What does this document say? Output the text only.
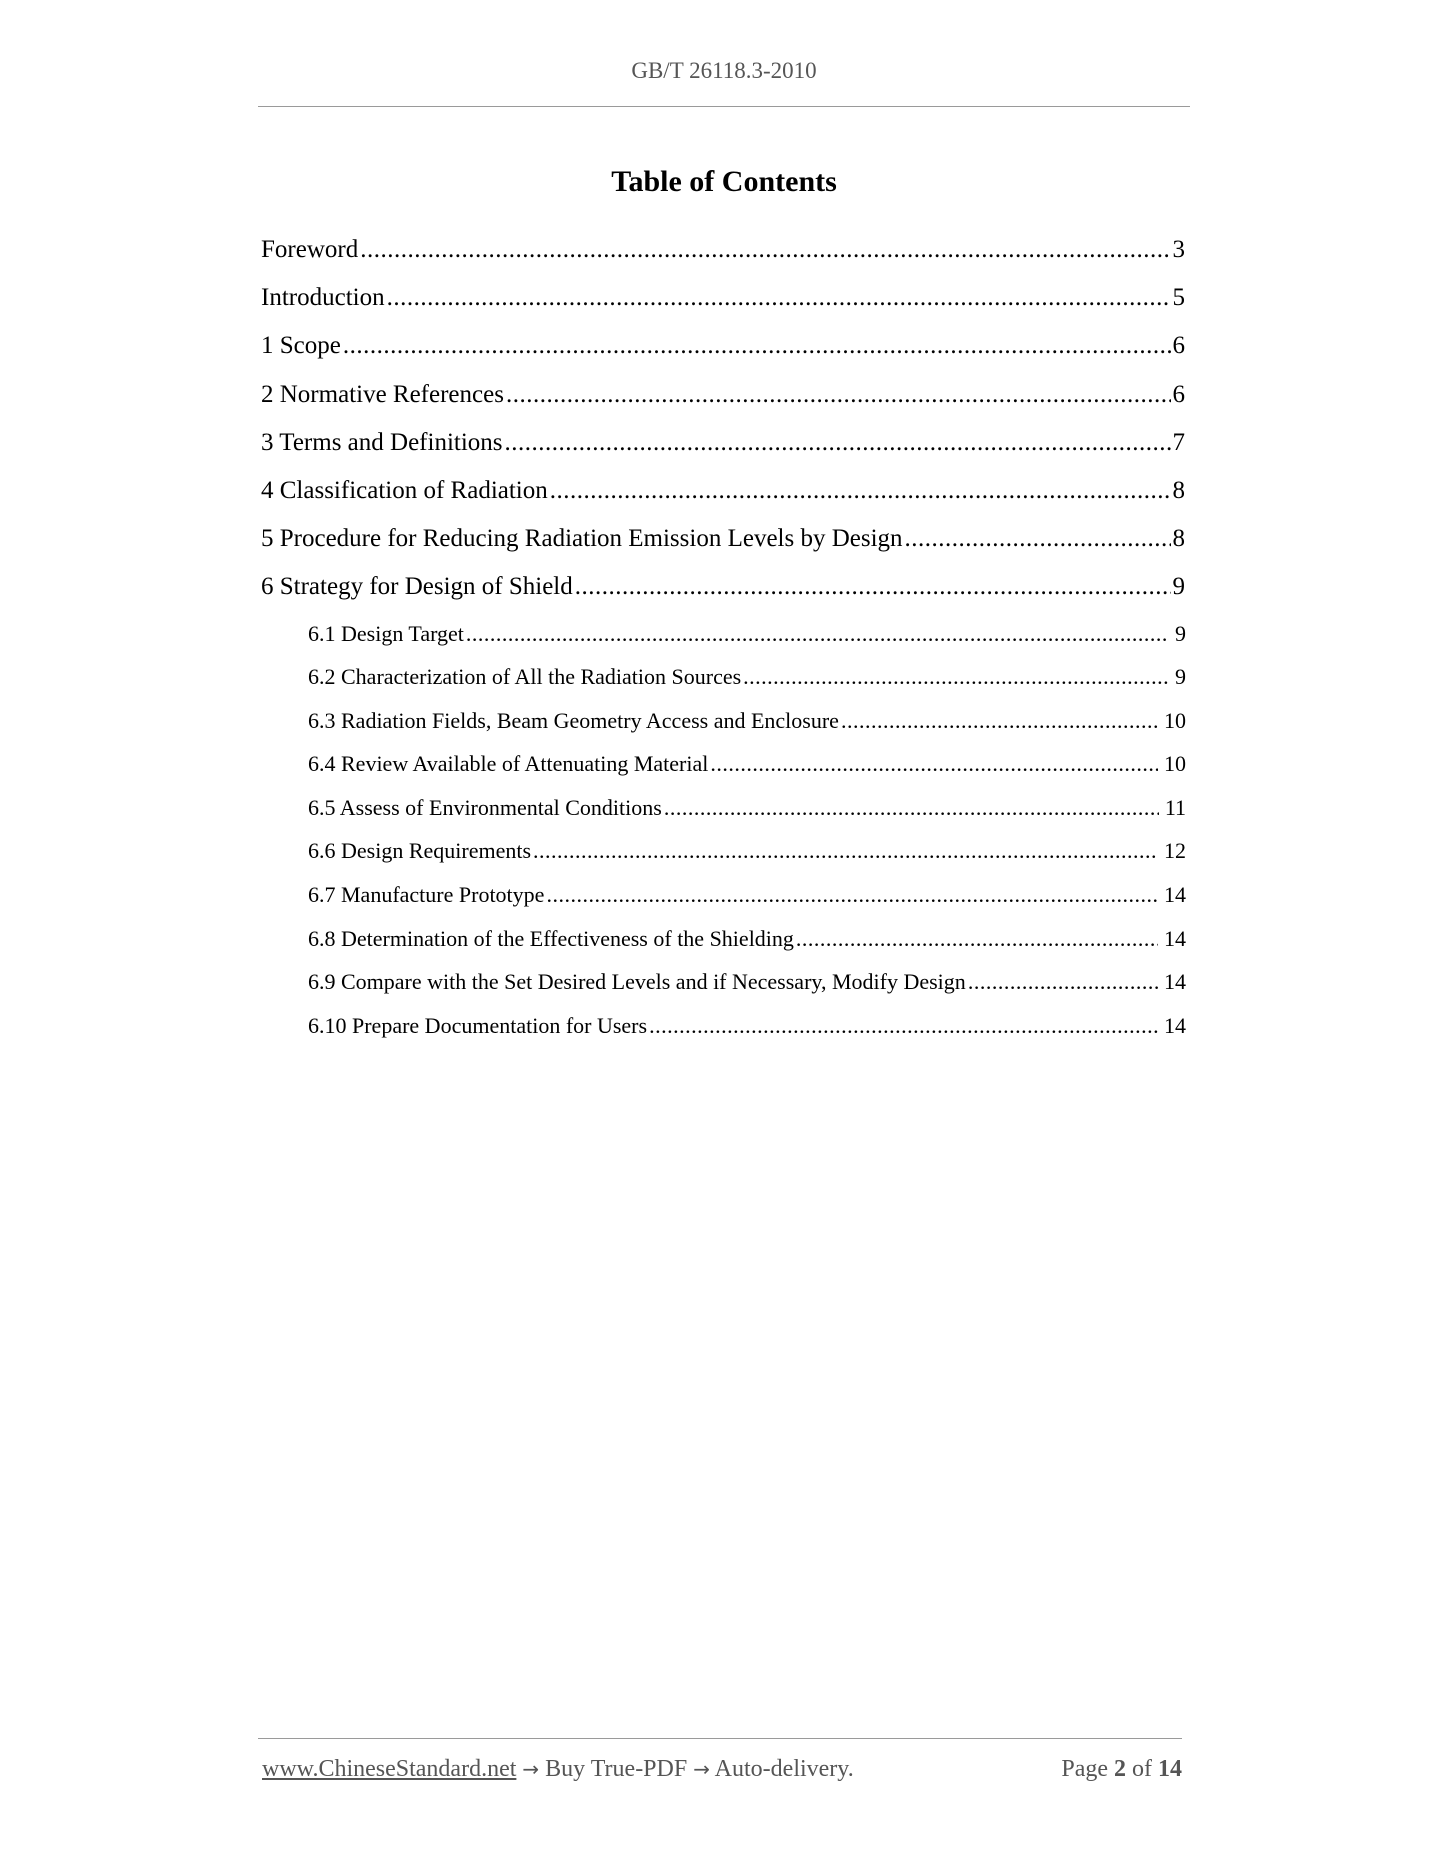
GB/T 26118.3-2010
Table of Contents
Foreword .....	3
Introduction .....	5
1 Scope .....	6
2 Normative References .....	6
3 Terms and Definitions .....	7
4 Classification of Radiation .....	8
5 Procedure for Reducing Radiation Emission Levels by Design .....	8
6 Strategy for Design of Shield .....	9
6.1 Design Target .....	9
6.2 Characterization of All the Radiation Sources .....	9
6.3 Radiation Fields, Beam Geometry Access and Enclosure .....	10
6.4 Review Available of Attenuating Material .....	10
6.5 Assess of Environmental Conditions .....	11
6.6 Design Requirements .....	12
6.7 Manufacture Prototype .....	14
6.8 Determination of the Effectiveness of the Shielding .....	14
6.9 Compare with the Set Desired Levels and if Necessary, Modify Design .....	14
6.10 Prepare Documentation for Users .....	14
www.ChineseStandard.net → Buy True-PDF → Auto-delivery.	Page 2 of 14
